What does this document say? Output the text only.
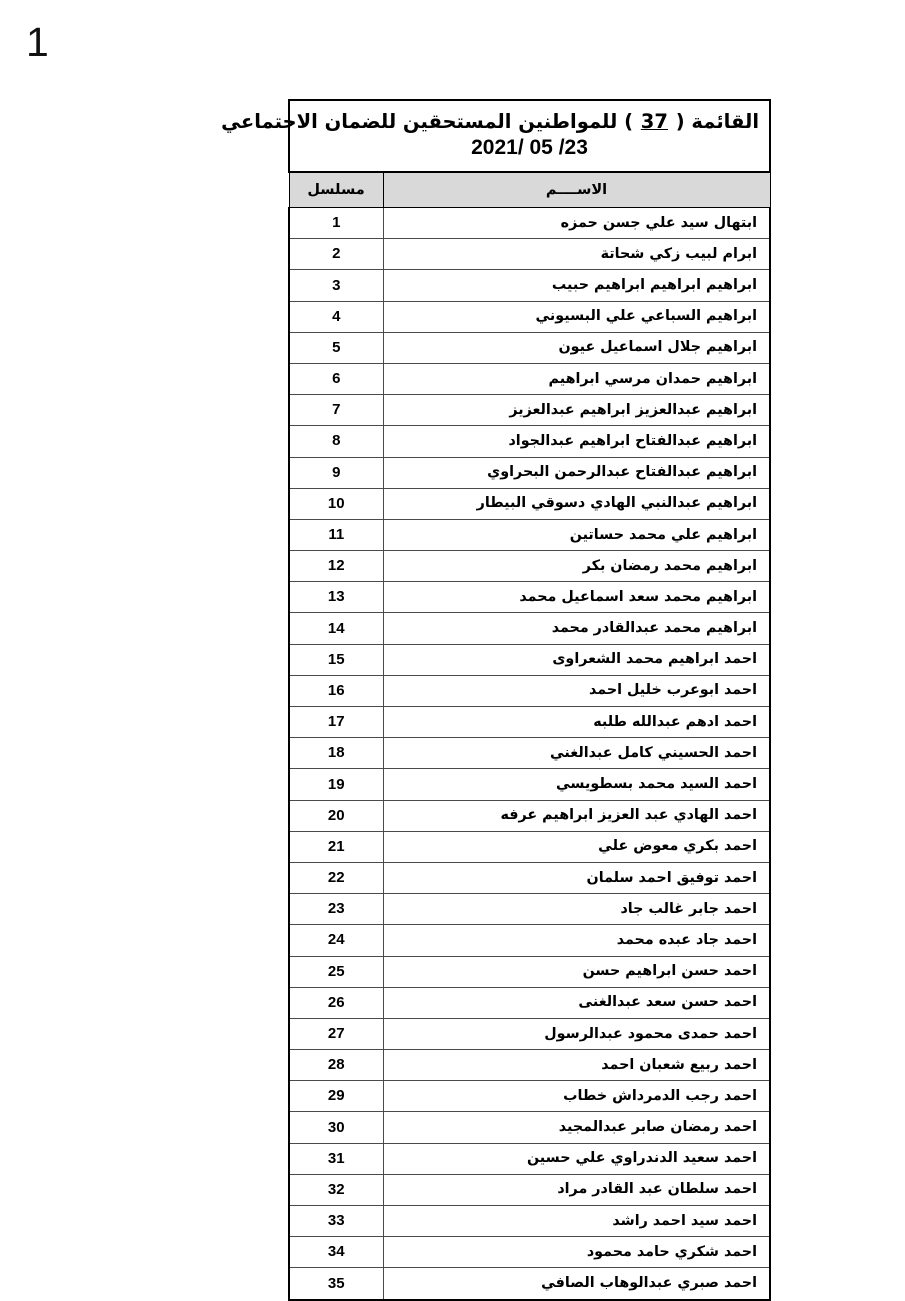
1
القائمة ( 37 ) للمواطنين المستحقين للضمان الاجتماعي
2021/ 05 /23	

الاســــم	مسلسل
ابتهال سيد علي جسن حمزه	1
ابرام لبيب زكي شحاتة	2
ابراهيم ابراهيم ابراهيم حبيب	3
ابراهيم السباعي علي البسيوني	4
ابراهيم جلال اسماعيل عيون	5
ابراهيم حمدان مرسي ابراهيم	6
ابراهيم عبدالعزيز ابراهيم عبدالعزيز	7
ابراهيم عبدالفتاح ابراهيم عبدالجواد	8
ابراهيم عبدالفتاح عبدالرحمن البحراوي	9
ابراهيم عبدالنبي الهادي دسوقي البيطار	10
ابراهيم علي محمد حساتين	11
ابراهيم محمد رمضان بكر	12
ابراهيم محمد سعد اسماعيل محمد	13
ابراهيم محمد عبدالقادر محمد	14
احمد ابراهيم محمد الشعراوى	15
احمد ابوعرب خليل احمد	16
احمد ادهم عبدالله طلبه	17
احمد الحسيني كامل عبدالغني	18
احمد السيد محمد بسطويسي	19
احمد الهادي عبد العزيز ابراهيم عرفه	20
احمد بكري معوض علي	21
احمد توفيق احمد سلمان	22
احمد جابر غالب جاد	23
احمد جاد عبده محمد	24
احمد حسن ابراهيم حسن	25
احمد حسن سعد عبدالغنى	26
احمد حمدى محمود عبدالرسول	27
احمد ربيع شعبان احمد	28
احمد رجب الدمرداش خطاب	29
احمد رمضان صابر عبدالمجيد	30
احمد سعيد الدندراوي علي حسين	31
احمد سلطان عبد القادر مراد	32
احمد سيد احمد راشد	33
احمد شكري حامد محمود	34
احمد صبري عبدالوهاب الصافي	35
